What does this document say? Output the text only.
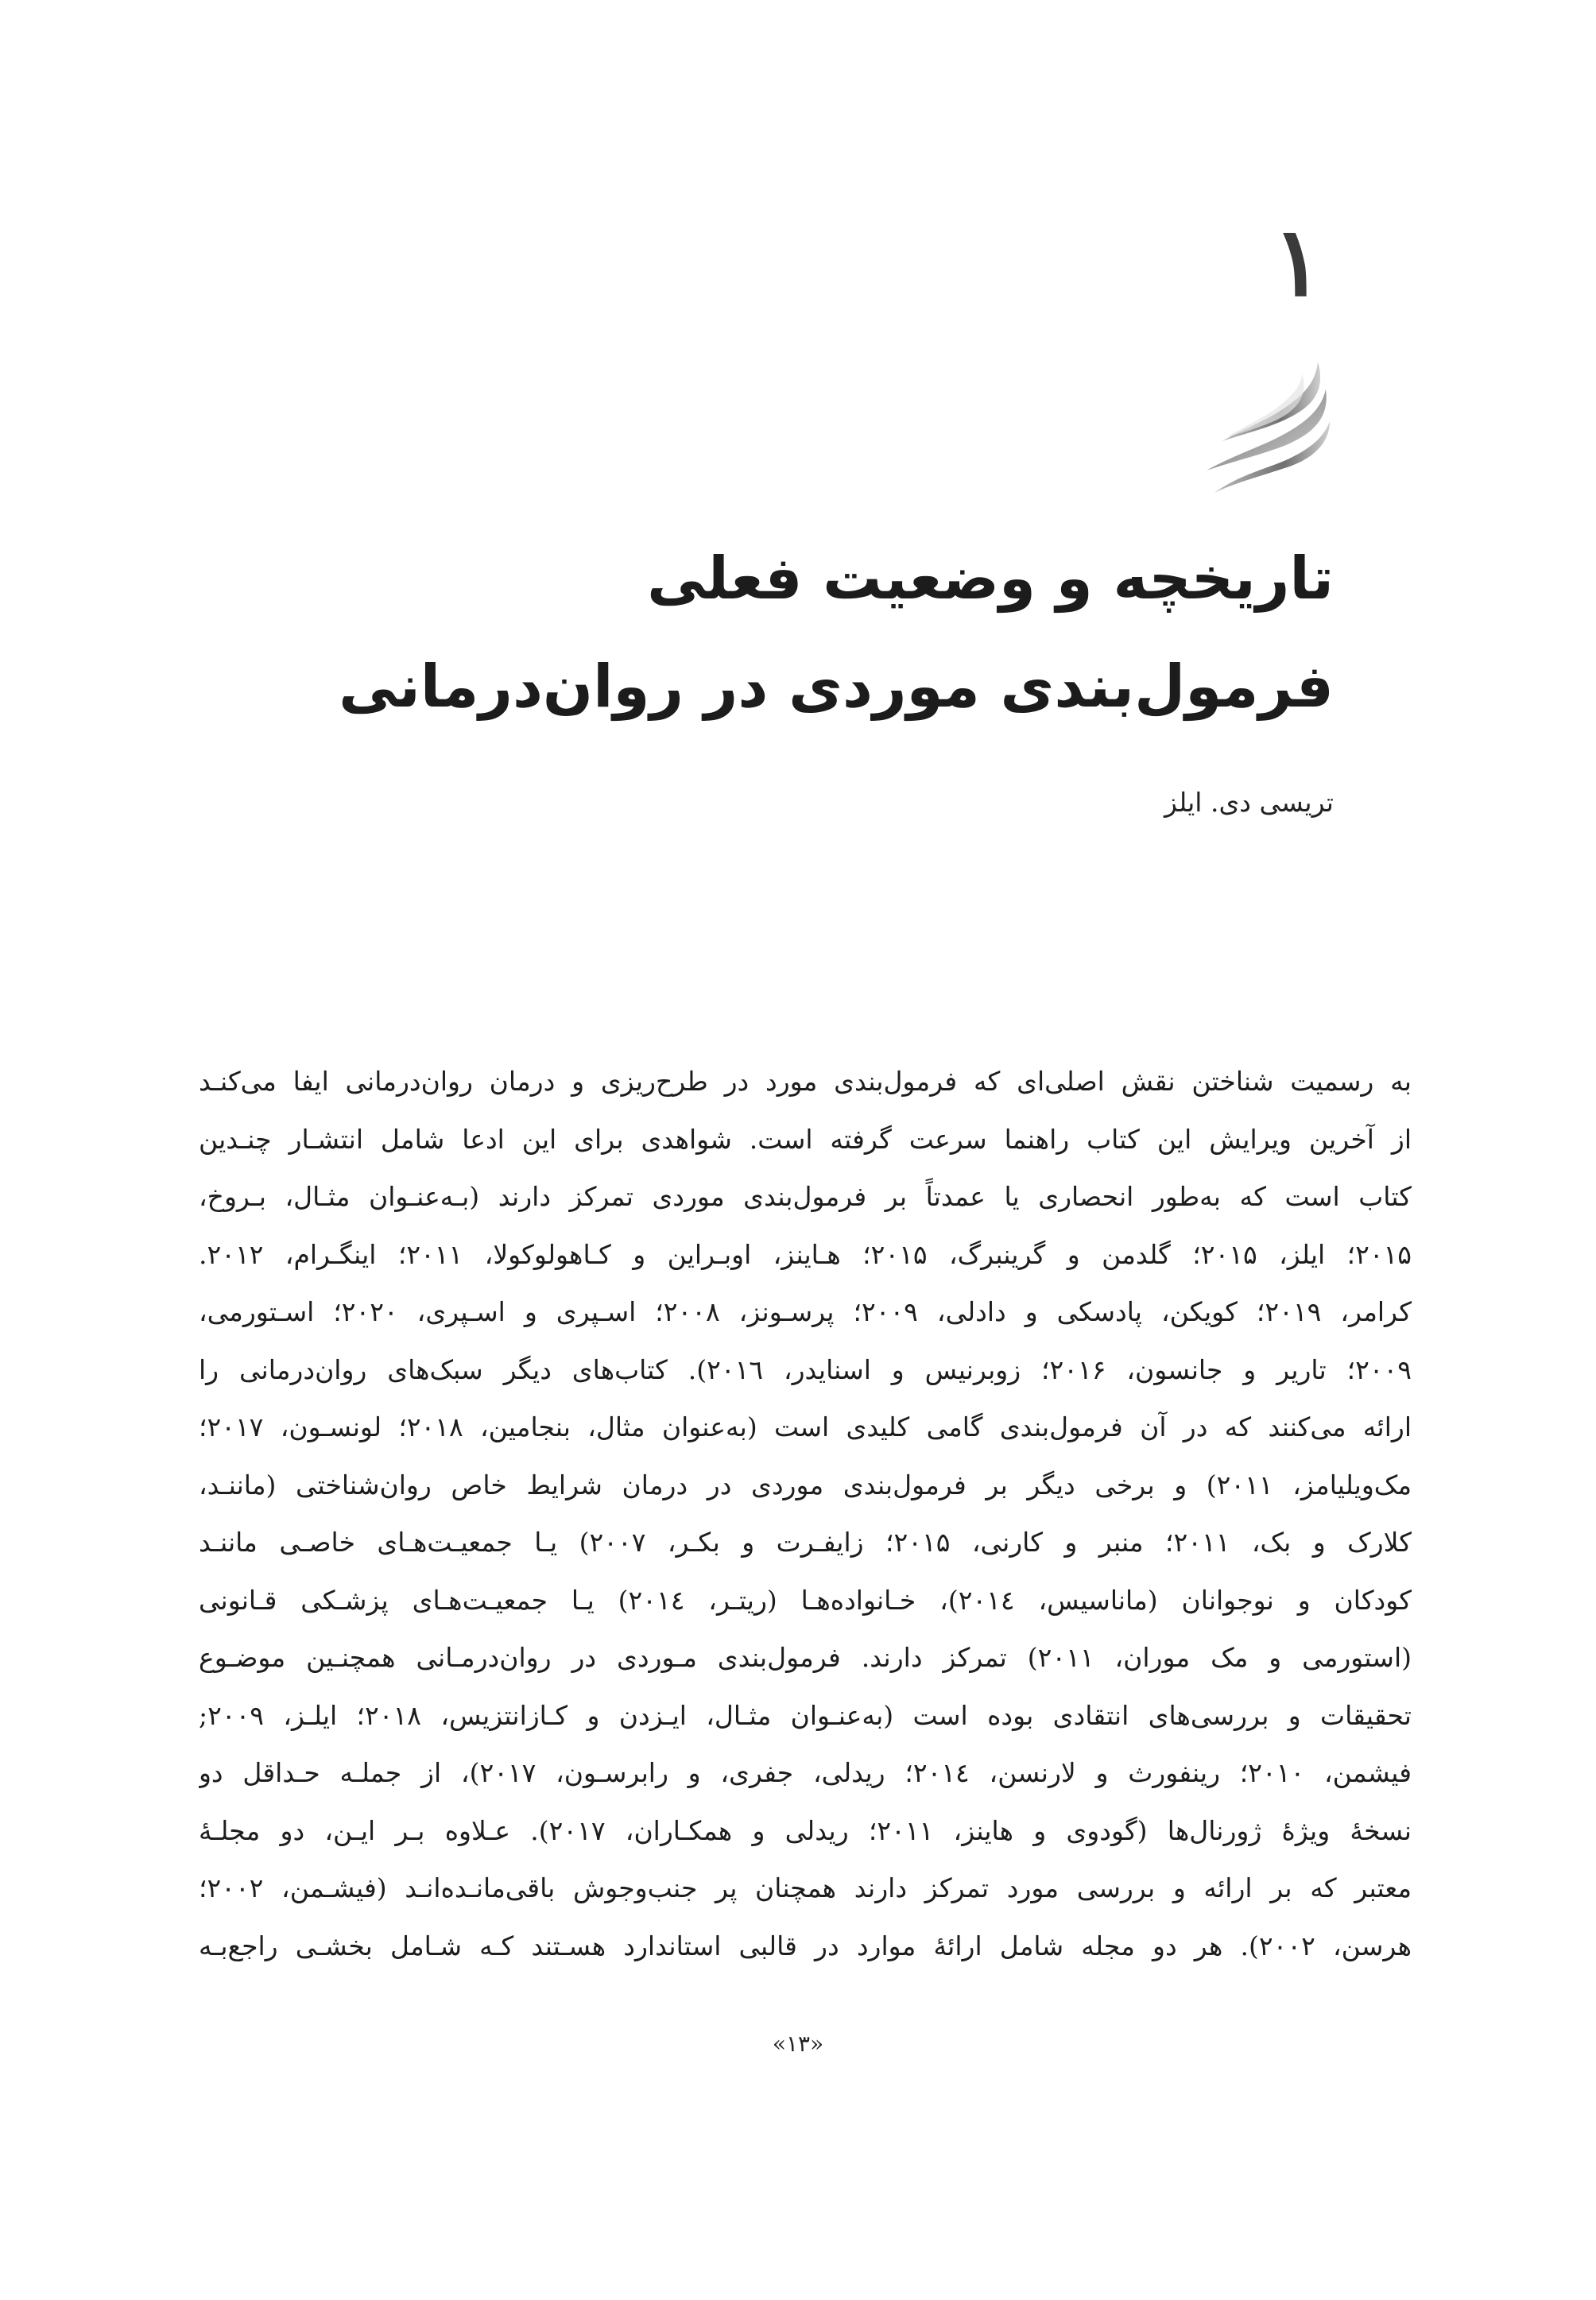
۱
تاریخچه و وضعیت فعلی
فرمول‌بندی موردی در روان‌درمانی

تریسی دی. ایلز

به رسمیت شناختن نقش اصلی‌ای که فرمول‌بندی مورد در طرح‌ریزی و درمان روان‌درمانی ایفا می‌کنـد
از آخرین ویرایش این کتاب راهنما سرعت گرفته است. شواهدی برای این ادعا شامل انتشـار چنـدین
کتاب است که به‌طور انحصاری یا عمدتاً بر فرمول‌بندی موردی تمرکز دارند (بـه‌عنـوان مثـال، بـروخ،
۲۰۱۵؛ ایلز، ۲۰۱۵؛ گلدمن و گرینبرگ، ۲۰۱۵؛ هـاینز، اوبـراین و کـاهولوکولا، ۲۰۱۱؛ اینگـرام، ۲۰۱۲.
کرامر، ۲۰۱۹؛ کویکن، پادسکی و دادلی، ۲۰۰۹؛ پرسـونز، ۲۰۰۸؛ اسـپری و اسـپری، ۲۰۲۰؛ اسـتورمی،
۲۰۰۹؛ تاریر و جانسون، ۲۰۱۶؛ زوبرنیس و اسنایدر، ۲۰۱٦). کتاب‌های دیگر سبک‌های روان‌درمانی را
ارائه می‌کنند که در آن فرمول‌بندی گامی کلیدی است (به‌عنوان مثال، بنجامین، ۲۰۱۸؛ لونسـون، ۲۰۱۷؛
مک‌ویلیامز، ۲۰۱۱) و برخی دیگر بر فرمول‌بندی موردی در درمان شرایط خاص روان‌شناختی (ماننـد،
کلارک و بک، ۲۰۱۱؛ منبر و کارنی، ۲۰۱۵؛ زایفـرت و بکـر، ۲۰۰۷) یـا جمعیـت‌هـای خاصـی ماننـد
کودکان و نوجوانان (ماناسیس، ۲۰۱٤)، خـانواده‌هـا (ریتـر، ۲۰۱٤) یـا جمعیـت‌هـای پزشـکی قـانونی
(استورمی و مک موران، ۲۰۱۱) تمرکز دارند. فرمول‌بندی مـوردی در روان‌درمـانی همچنـین موضـوع
تحقیقات و بررسی‌های انتقادی بوده است (به‌عنـوان مثـال، ایـزدن و کـازانتزیس، ۲۰۱۸؛ ایلـز، ۲۰۰۹;
فیشمن، ۲۰۱۰؛ رینفورث و لارنسن، ۲۰۱٤؛ ریدلی، جفری، و رابرسـون، ۲۰۱۷)، از جملـه حـداقل دو
نسخهٔ ویژهٔ ژورنال‌ها (گودوی و هاینز، ۲۰۱۱؛ ریدلی و همکـاران، ۲۰۱۷). عـلاوه بـر ایـن، دو مجلـهٔ
معتبر که بر ارائه و بررسی مورد تمرکز دارند همچنان پر جنب‌وجوش باقی‌مانـده‌انـد (فیشـمن، ۲۰۰۲؛
هرسن، ۲۰۰۲). هر دو مجله شامل ارائهٔ موارد در قالبی استاندارد هسـتند کـه شـامل بخشـی راجع‌بـه

«۱۳»
